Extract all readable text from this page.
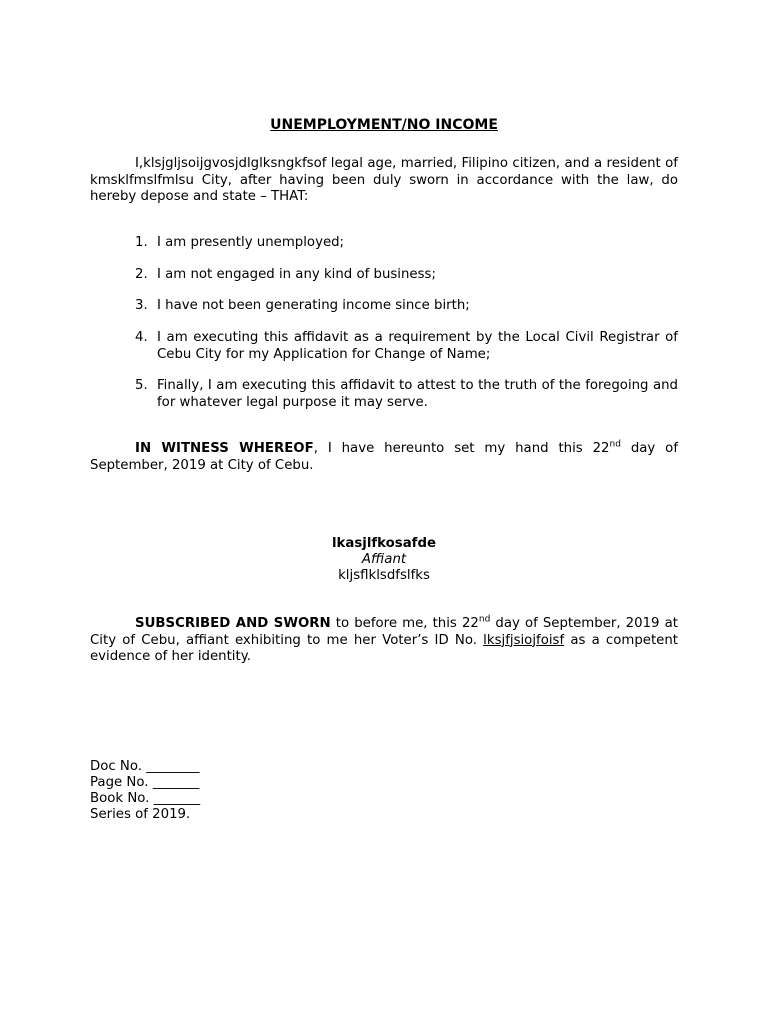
UNEMPLOYMENT/NO INCOME

I,klsjgljsoijgvosjdlglksngkfsof legal age, married, Filipino citizen, and a resident of kmsklfmslfmlsu City, after having been duly sworn in accordance with the law, do hereby depose and state – THAT:

1. I am presently unemployed;
2. I am not engaged in any kind of business;
3. I have not been generating income since birth;
4. I am executing this affidavit as a requirement by the Local Civil Registrar of Cebu City for my Application for Change of Name;
5. Finally, I am executing this affidavit to attest to the truth of the foregoing and for whatever legal purpose it may serve.

IN WITNESS WHEREOF, I have hereunto set my hand this 22nd day of September, 2019 at City of Cebu.

lkasjlfkosafde
Affiant
kljsflklsdfslfks

SUBSCRIBED AND SWORN to before me, this 22nd day of September, 2019 at City of Cebu, affiant exhibiting to me her Voter’s ID No. lksjfjsiojfoisf as a competent evidence of her identity.

Doc No. ________
Page No. _______
Book No. _______
Series of 2019.
